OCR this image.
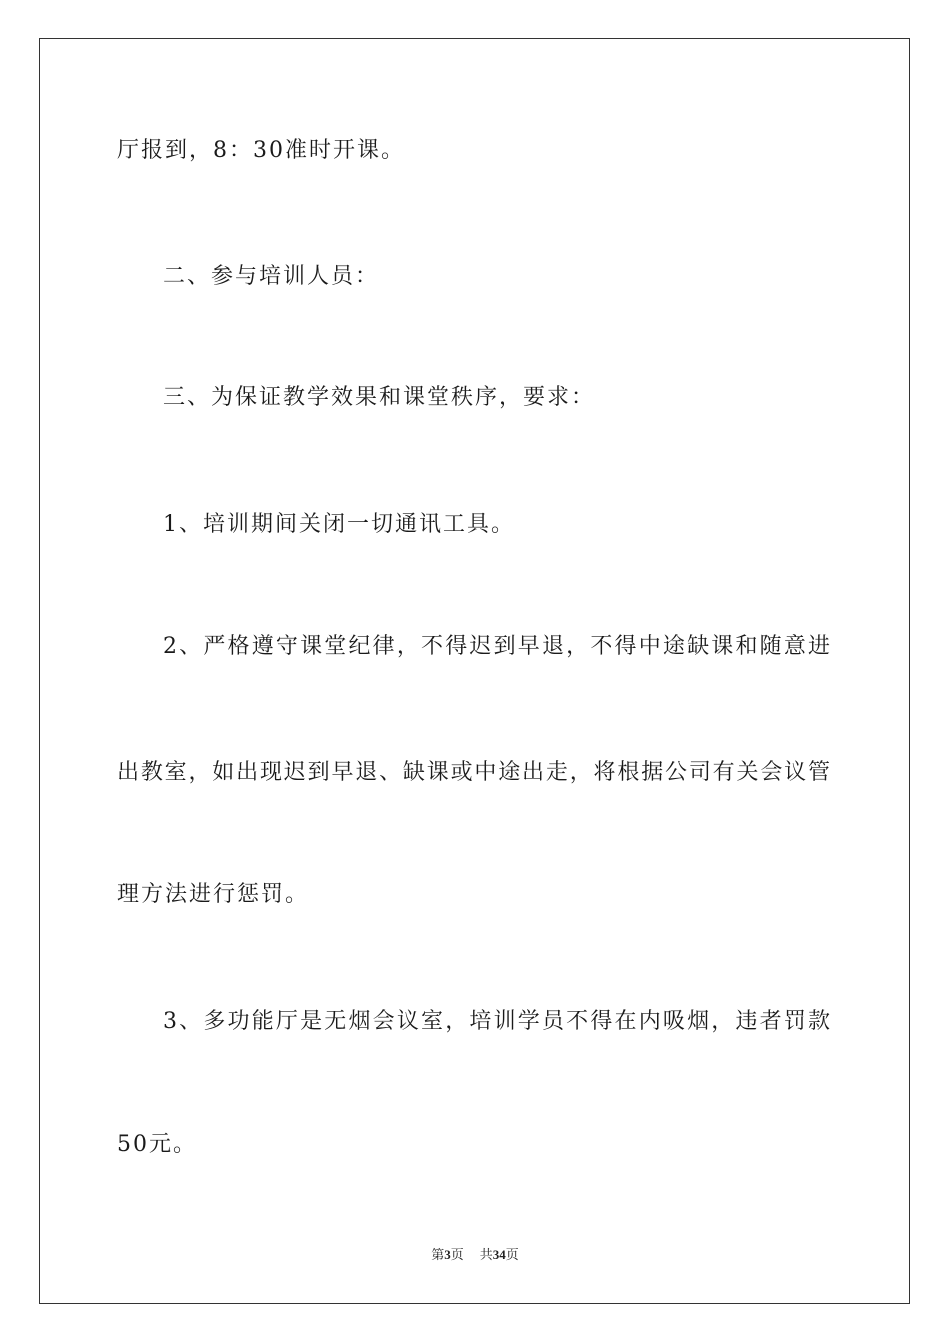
厅报到，8：30准时开课。
二、参与培训人员：
三、为保证教学效果和课堂秩序，要求：
1、培训期间关闭一切通讯工具。
2、严格遵守课堂纪律，不得迟到早退，不得中途缺课和随意进
出教室，如出现迟到早退、缺课或中途出走，将根据公司有关会议管
理方法进行惩罚。
3、多功能厅是无烟会议室，培训学员不得在内吸烟，违者罚款
50元。
第3页 共34页
